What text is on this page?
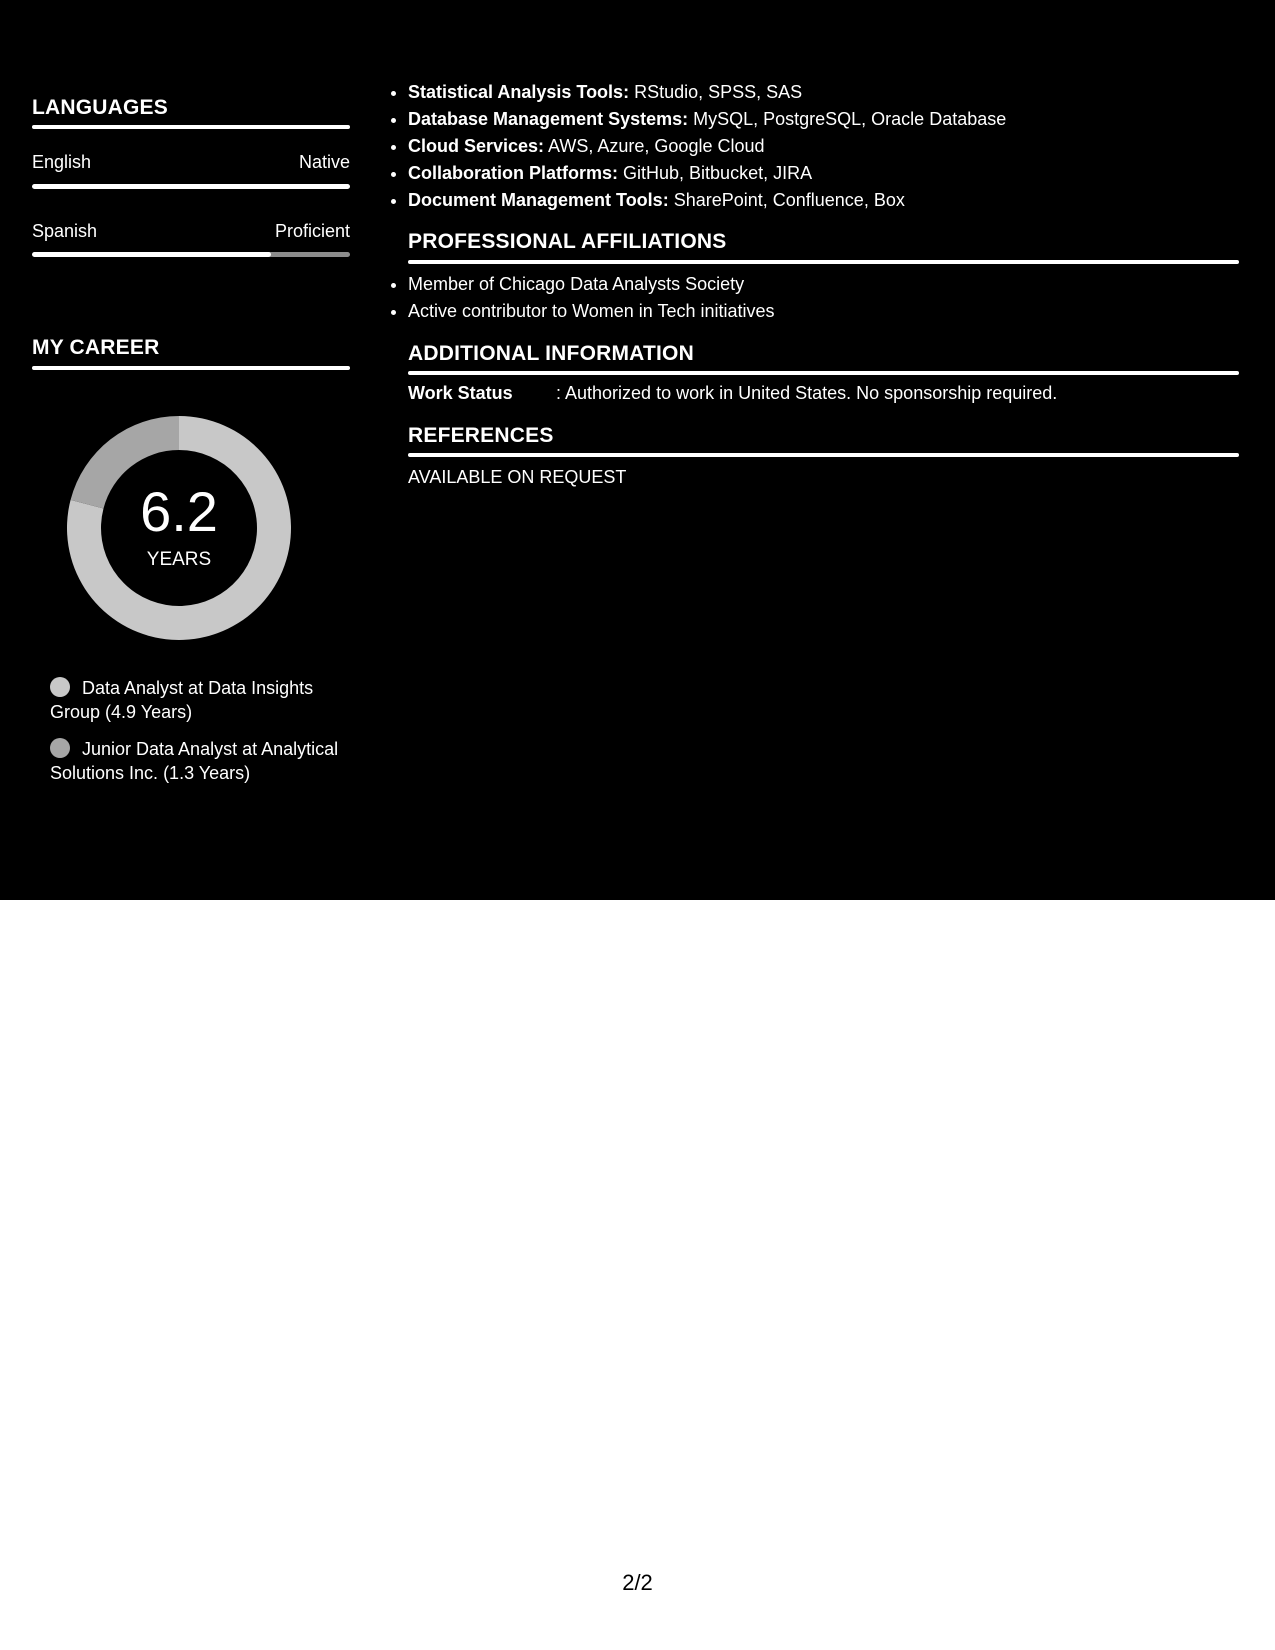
LANGUAGES
English	Native
Spanish	Proficient
MY CAREER
6.2
YEARS
Data Analyst at Data Insights Group (4.9 Years)
Junior Data Analyst at Analytical Solutions Inc. (1.3 Years)
• Statistical Analysis Tools: RStudio, SPSS, SAS
• Database Management Systems: MySQL, PostgreSQL, Oracle Database
• Cloud Services: AWS, Azure, Google Cloud
• Collaboration Platforms: GitHub, Bitbucket, JIRA
• Document Management Tools: SharePoint, Confluence, Box
PROFESSIONAL AFFILIATIONS
• Member of Chicago Data Analysts Society
• Active contributor to Women in Tech initiatives
ADDITIONAL INFORMATION
Work Status : Authorized to work in United States. No sponsorship required.
REFERENCES
AVAILABLE ON REQUEST
2/2
